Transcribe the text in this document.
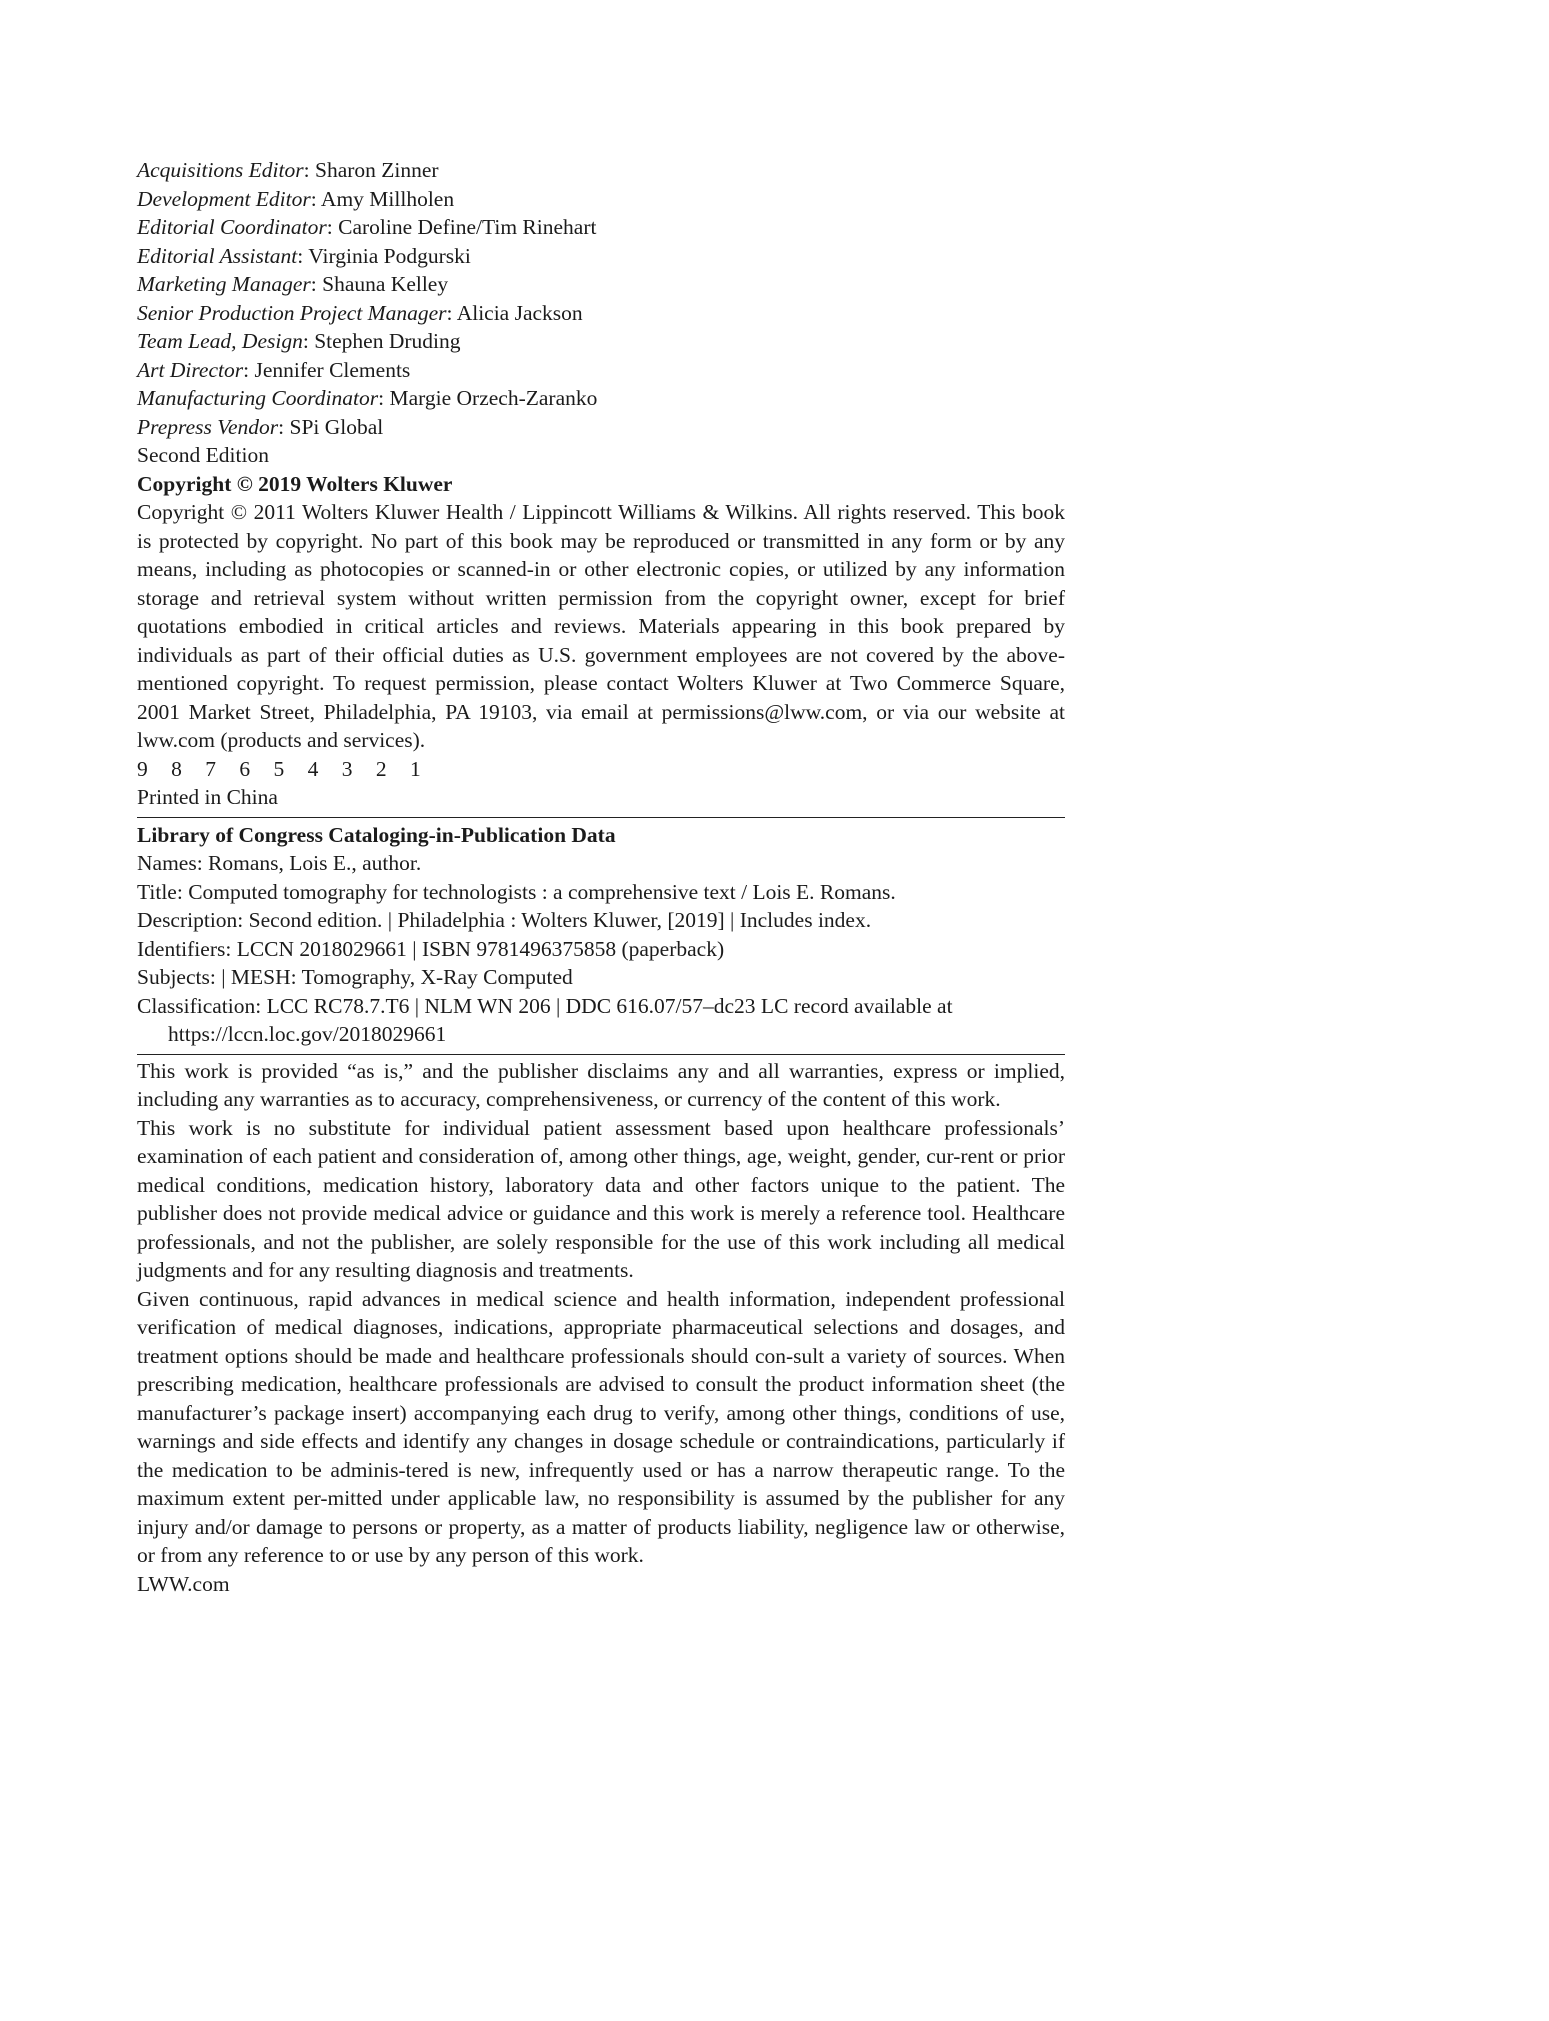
Acquisitions Editor: Sharon Zinner
Development Editor: Amy Millholen
Editorial Coordinator: Caroline Define/Tim Rinehart
Editorial Assistant: Virginia Podgurski
Marketing Manager: Shauna Kelley
Senior Production Project Manager: Alicia Jackson
Team Lead, Design: Stephen Druding
Art Director: Jennifer Clements
Manufacturing Coordinator: Margie Orzech-Zaranko
Prepress Vendor: SPi Global

Second Edition

Copyright © 2019 Wolters Kluwer

Copyright © 2011 Wolters Kluwer Health / Lippincott Williams & Wilkins. All rights reserved. This book is protected by copyright. No part of this book may be reproduced or transmitted in any form or by any means, including as photocopies or scanned-in or other electronic copies, or utilized by any information storage and retrieval system without written permission from the copyright owner, except for brief quotations embodied in critical articles and reviews. Materials appearing in this book prepared by individuals as part of their official duties as U.S. government employees are not covered by the above-mentioned copyright. To request permission, please contact Wolters Kluwer at Two Commerce Square, 2001 Market Street, Philadelphia, PA 19103, via email at permissions@lww.com, or via our website at lww.com (products and services).

9 8 7 6 5 4 3 2 1

Printed in China

Library of Congress Cataloging-in-Publication Data
Names: Romans, Lois E., author.
Title: Computed tomography for technologists : a comprehensive text / Lois E. Romans.
Description: Second edition. | Philadelphia : Wolters Kluwer, [2019] | Includes index.
Identifiers: LCCN 2018029661 | ISBN 9781496375858 (paperback)
Subjects: | MESH: Tomography, X-Ray Computed
Classification: LCC RC78.7.T6 | NLM WN 206 | DDC 616.07/57–dc23 LC record available at
https://lccn.loc.gov/2018029661

This work is provided “as is,” and the publisher disclaims any and all warranties, express or implied, including any warranties as to accuracy, comprehensiveness, or currency of the content of this work.

This work is no substitute for individual patient assessment based upon healthcare professionals’ examination of each patient and consideration of, among other things, age, weight, gender, cur-rent or prior medical conditions, medication history, laboratory data and other factors unique to the patient. The publisher does not provide medical advice or guidance and this work is merely a reference tool. Healthcare professionals, and not the publisher, are solely responsible for the use of this work including all medical judgments and for any resulting diagnosis and treatments.

Given continuous, rapid advances in medical science and health information, independent professional verification of medical diagnoses, indications, appropriate pharmaceutical selections and dosages, and treatment options should be made and healthcare professionals should con-sult a variety of sources. When prescribing medication, healthcare professionals are advised to consult the product information sheet (the manufacturer’s package insert) accompanying each drug to verify, among other things, conditions of use, warnings and side effects and identify any changes in dosage schedule or contraindications, particularly if the medication to be adminis-tered is new, infrequently used or has a narrow therapeutic range. To the maximum extent per-mitted under applicable law, no responsibility is assumed by the publisher for any injury and/or damage to persons or property, as a matter of products liability, negligence law or otherwise, or from any reference to or use by any person of this work.

LWW.com
